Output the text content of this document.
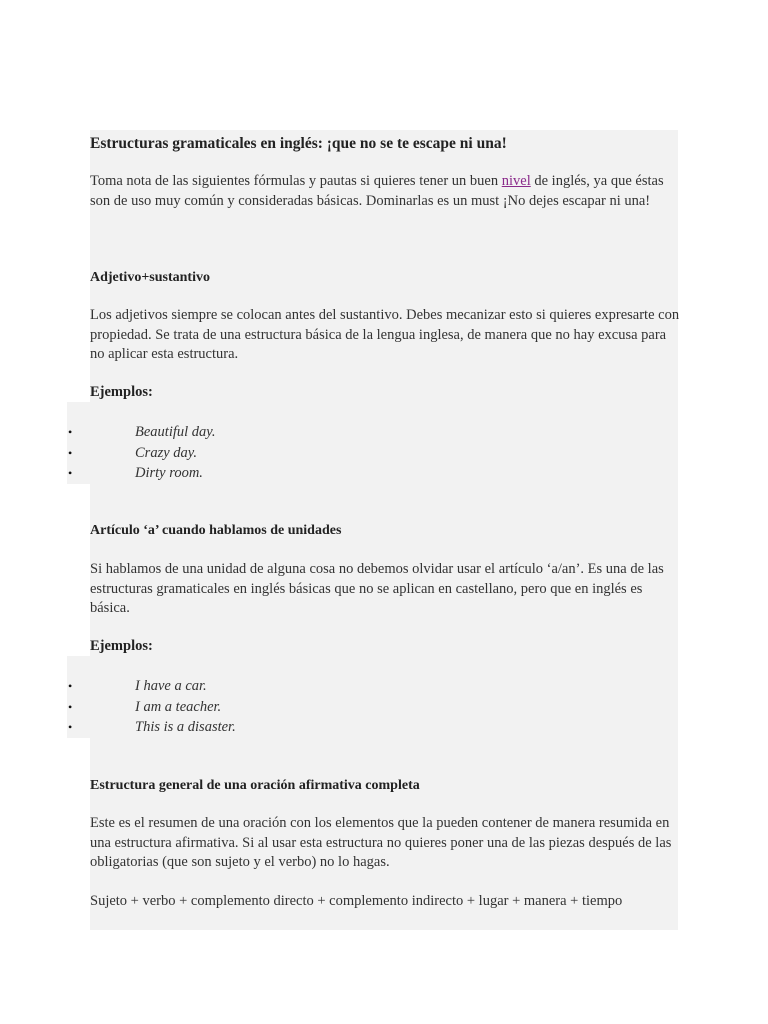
Estructuras gramaticales en inglés: ¡que no se te escape ni una!

Toma nota de las siguientes fórmulas y pautas si quieres tener un buen nivel de inglés, ya que éstas son de uso muy común y consideradas básicas. Dominarlas es un must ¡No dejes escapar ni una!

Adjetivo+sustantivo

Los adjetivos siempre se colocan antes del sustantivo. Debes mecanizar esto si quieres expresarte con propiedad. Se trata de una estructura básica de la lengua inglesa, de manera que no hay excusa para no aplicar esta estructura.

Ejemplos:
•	Beautiful day.
•	Crazy day.
•	Dirty room.
Artículo ‘a’ cuando hablamos de unidades

Si hablamos de una unidad de alguna cosa no debemos olvidar usar el artículo ‘a/an’. Es una de las estructuras gramaticales en inglés básicas que no se aplican en castellano, pero que en inglés es básica.

Ejemplos:
•	I have a car.
•	I am a teacher.
•	This is a disaster.
Estructura general de una oración afirmativa completa

Este es el resumen de una oración con los elementos que la pueden contener de manera resumida en una estructura afirmativa. Si al usar esta estructura no quieres poner una de las piezas después de las obligatorias (que son sujeto y el verbo) no lo hagas.

Sujeto + verbo + complemento directo + complemento indirecto + lugar + manera + tiempo
